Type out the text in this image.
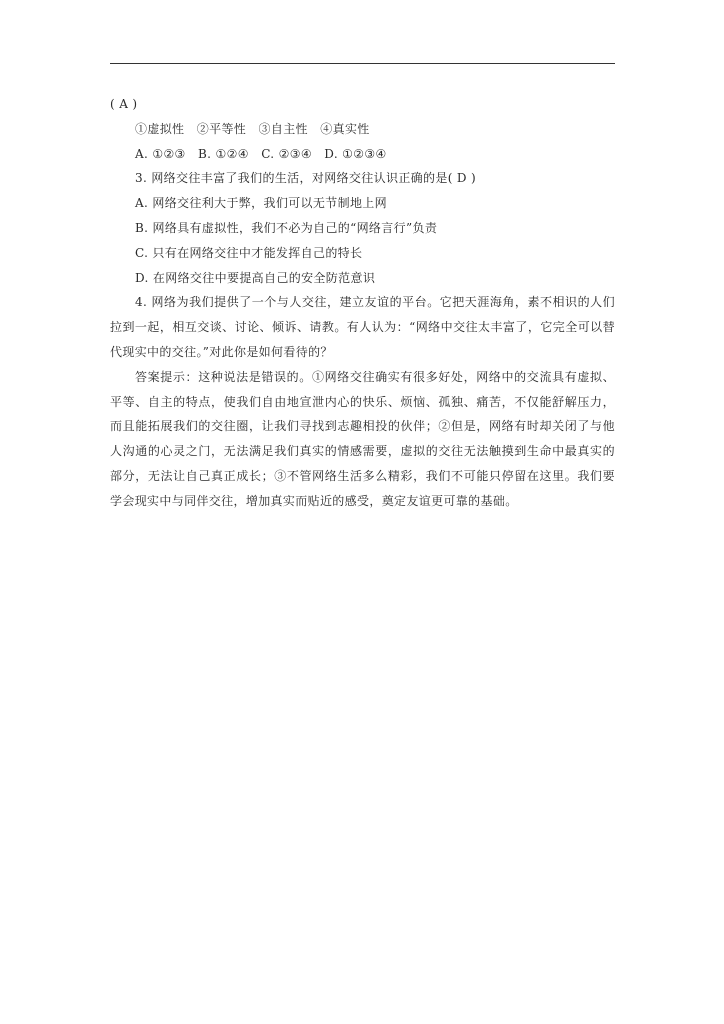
( A )

①虚拟性　②平等性　③自主性　④真实性

A. ①②③　B. ①②④　C. ②③④　D. ①②③④

3. 网络交往丰富了我们的生活，对网络交往认识正确的是( D )

A. 网络交往利大于弊，我们可以无节制地上网

B. 网络具有虚拟性，我们不必为自己的“网络言行”负责

C. 只有在网络交往中才能发挥自己的特长

D. 在网络交往中要提高自己的安全防范意识

4. 网络为我们提供了一个与人交往，建立友谊的平台。它把天涯海角，素不相识的人们拉到一起，相互交谈、讨论、倾诉、请教。有人认为：“网络中交往太丰富了，它完全可以替代现实中的交往。”对此你是如何看待的？

答案提示：这种说法是错误的。①网络交往确实有很多好处，网络中的交流具有虚拟、平等、自主的特点，使我们自由地宣泄内心的快乐、烦恼、孤独、痛苦，不仅能舒解压力，而且能拓展我们的交往圈，让我们寻找到志趣相投的伙伴；②但是，网络有时却关闭了与他人沟通的心灵之门，无法满足我们真实的情感需要，虚拟的交往无法触摸到生命中最真实的部分，无法让自己真正成长；③不管网络生活多么精彩，我们不可能只停留在这里。我们要学会现实中与同伴交往，增加真实而贴近的感受，奠定友谊更可靠的基础。
